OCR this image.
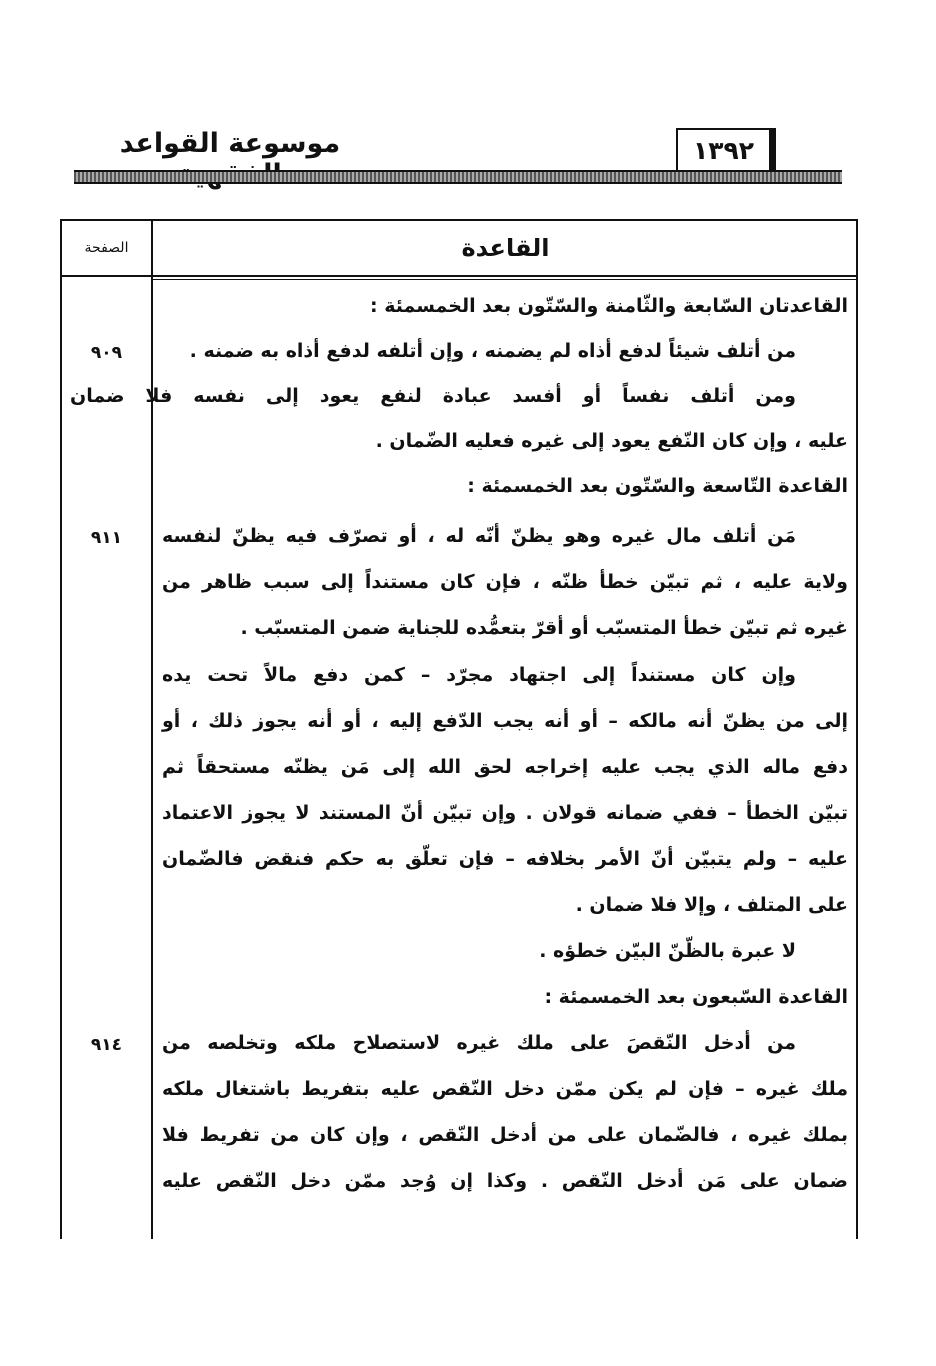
موسوعة القواعد	١٣٩٢
القاعدة
الصفحة
القاعدتان السّابعة والثّامنة والسّتّون بعد الخمسمئة :
من أتلف شيئاً لدفع أذاه لم يضمنه ، وإن أتلفه لدفع أذاه به ضمنه .
ومن أتلف نفساً أو أفسد عبادة لنفع يعود إلى نفسه فلا ضمان
عليه ، وإن كان النّفع يعود إلى غيره فعليه الضّمان .
القاعدة التّاسعة والسّتّون بعد الخمسمئة :
مَن أتلف مال غيره وهو يظنّ أنّه له ، أو تصرّف فيه يظنّ لنفسه
ولاية عليه ، ثم تبيّن خطأ ظنّه ، فإن كان مستنداً إلى سبب ظاهر من
غيره ثم تبيّن خطأ المتسبّب أو أقرّ بتعمُّده للجناية ضمن المتسبّب .
وإن كان مستنداً إلى اجتهاد مجرّد – كمن دفع مالاً تحت يده
إلى من يظنّ أنه مالكه – أو أنه يجب الدّفع إليه ، أو أنه يجوز ذلك ، أو
دفع ماله الذي يجب عليه إخراجه لحق الله إلى مَن يظنّه مستحقاً ثم
تبيّن الخطأ – ففي ضمانه قولان . وإن تبيّن أنّ المستند لا يجوز الاعتماد
عليه – ولم يتبيّن أنّ الأمر بخلافه – فإن تعلّق به حكم فنقض فالضّمان
على المتلف ، وإلا فلا ضمان .
لا عبرة بالظّنّ البيّن خطؤه .
القاعدة السّبعون بعد الخمسمئة :
من أدخل النّقصَ على ملك غيره لاستصلاح ملكه وتخلصه من
ملك غيره – فإن لم يكن ممّن دخل النّقص عليه بتفريط باشتغال ملكه
بملك غيره ، فالضّمان على من أدخل النّقص ، وإن كان من تفريط فلا
ضمان على مَن أدخل النّقص . وكذا إن وُجد ممّن دخل النّقص عليه
٩٠٩
٩١١
٩١٤
